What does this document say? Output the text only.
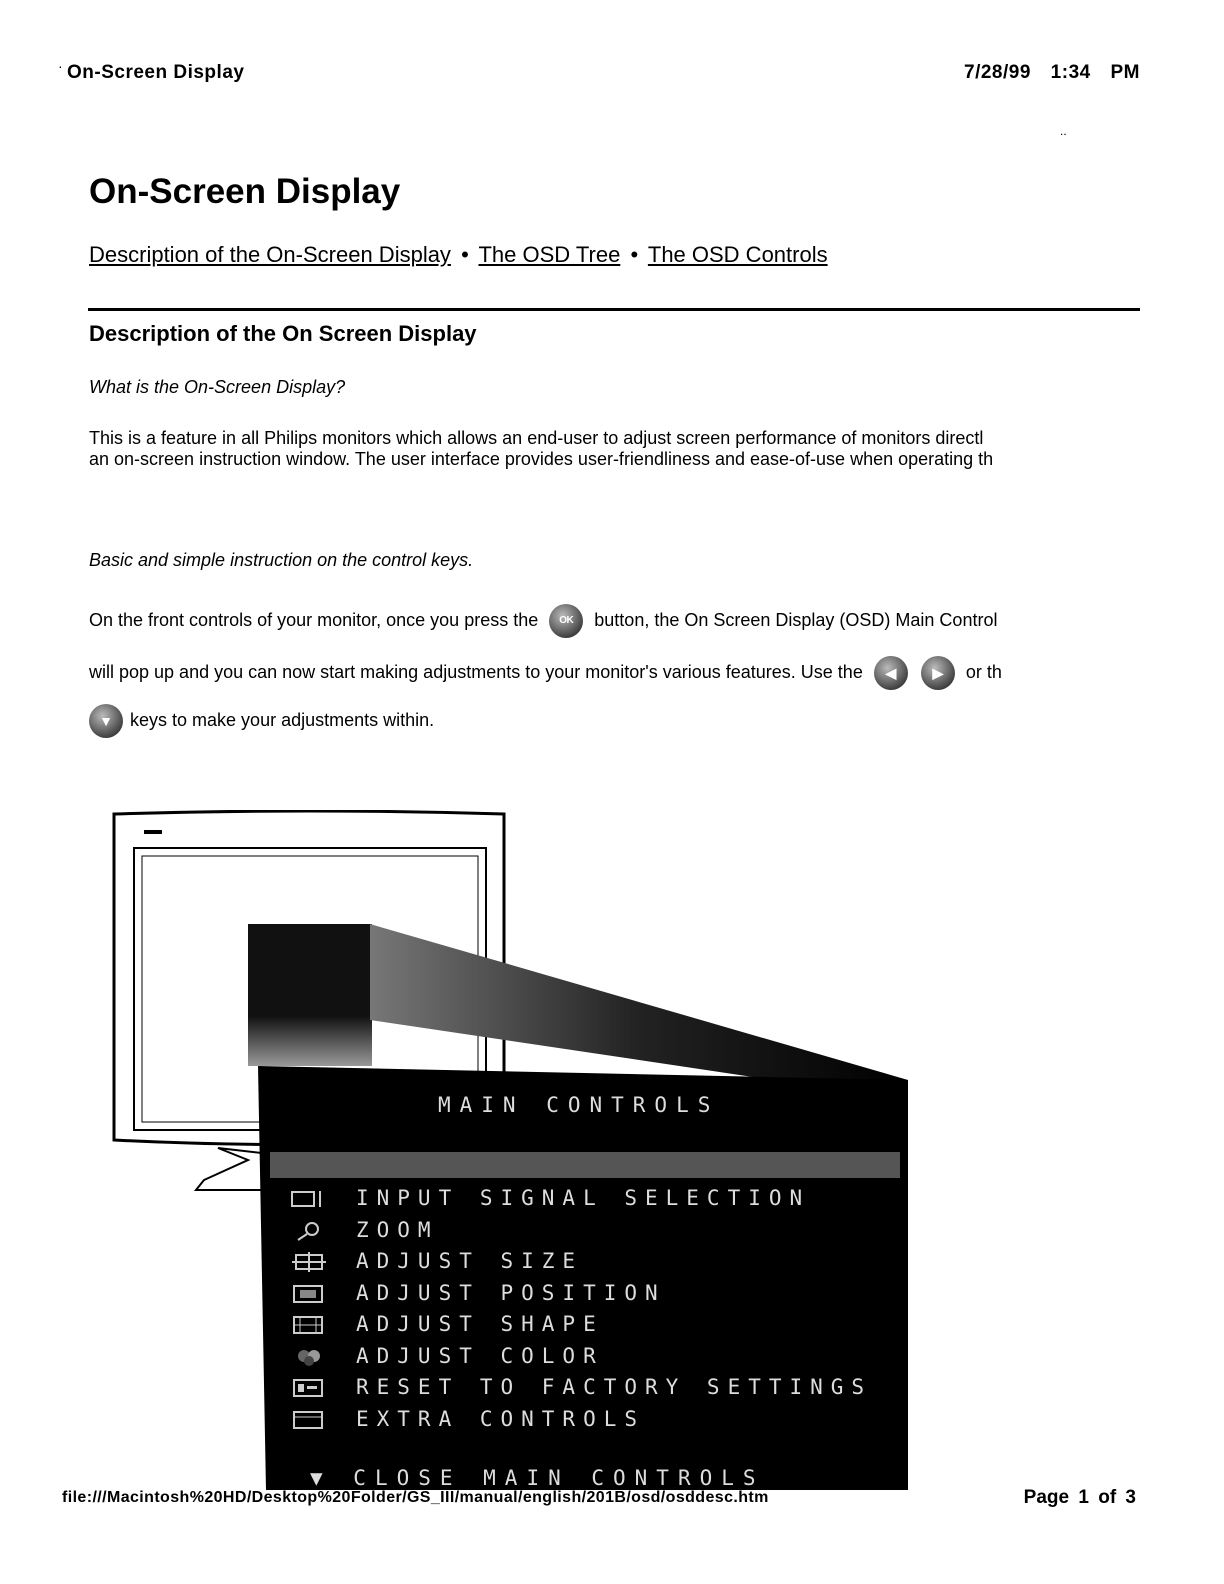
· On-Screen Display	7/28/99 1:34 PM
..
On-Screen Display
Description of the On-Screen Display • The OSD Tree • The OSD Controls
Description of the On Screen Display
What is the On-Screen Display?
This is a feature in all Philips monitors which allows an end-user to adjust screen performance of monitors directl
an on-screen instruction window. The user interface provides user-friendliness and ease-of-use when operating th
Basic and simple instruction on the control keys.
On the front controls of your monitor, once you press the OK button, the On Screen Display (OSD) Main Control
will pop up and you can now start making adjustments to your monitor's various features. Use the ◀	▶ or th
▼ keys to make your adjustments within.
MAIN CONTROLS
INPUT SIGNAL SELECTION
ZOOM
ADJUST SIZE
ADJUST POSITION
ADJUST SHAPE
ADJUST COLOR
RESET TO FACTORY SETTINGS
EXTRA CONTROLS
▼ CLOSE MAIN CONTROLS
file:///Macintosh%20HD/Desktop%20Folder/GS_III/manual/english/201B/osd/osddesc.htm	Page 1 of 3
